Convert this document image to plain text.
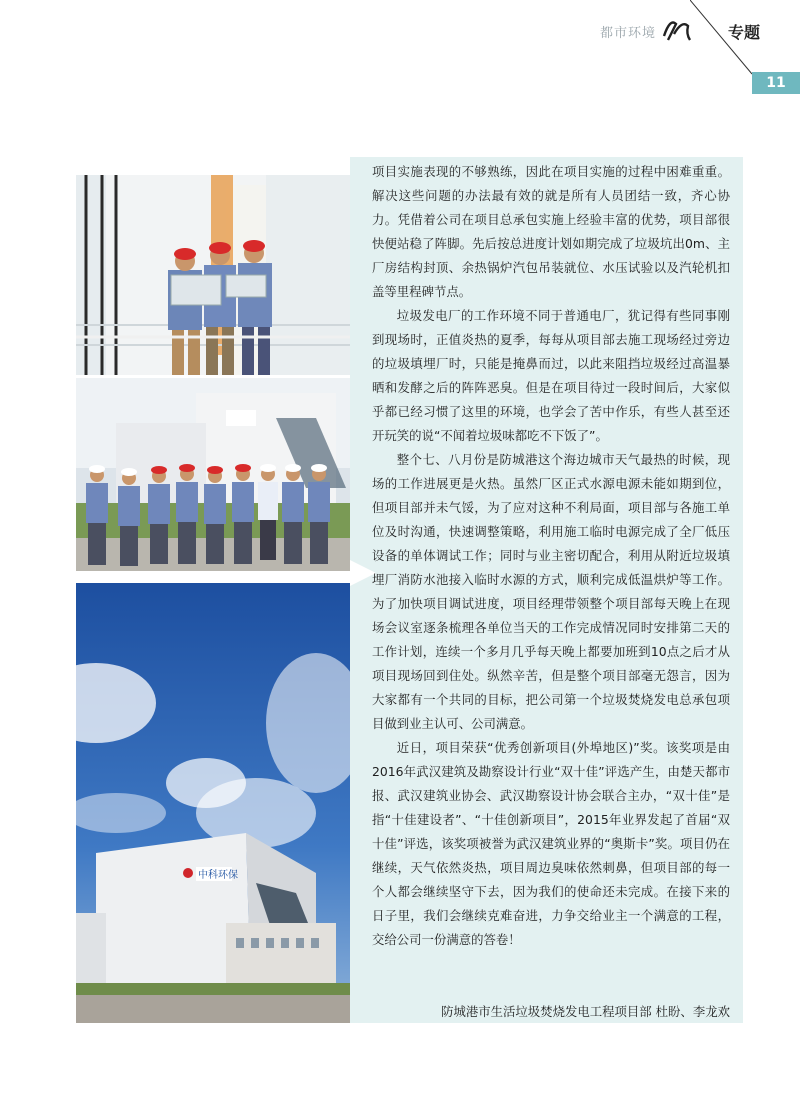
都市环境	专题
11
中科环保

项目实施表现的不够熟练，因此在项目实施的过程中困难重重。解决这些问题的办法最有效的就是所有人员团结一致，齐心协力。凭借着公司在项目总承包实施上经验丰富的优势，项目部很快便站稳了阵脚。先后按总进度计划如期完成了垃圾坑出0m、主厂房结构封顶、余热锅炉汽包吊装就位、水压试验以及汽轮机扣盖等里程碑节点。

垃圾发电厂的工作环境不同于普通电厂，犹记得有些同事刚到现场时，正值炎热的夏季，每每从项目部去施工现场经过旁边的垃圾填埋厂时，只能是掩鼻而过，以此来阻挡垃圾经过高温暴晒和发酵之后的阵阵恶臭。但是在项目待过一段时间后，大家似乎都已经习惯了这里的环境，也学会了苦中作乐，有些人甚至还开玩笑的说“不闻着垃圾味都吃不下饭了”。

整个七、八月份是防城港这个海边城市天气最热的时候，现场的工作进展更是火热。虽然厂区正式水源电源未能如期到位，但项目部并未气馁，为了应对这种不利局面，项目部与各施工单位及时沟通，快速调整策略，利用施工临时电源完成了全厂低压设备的单体调试工作；同时与业主密切配合，利用从附近垃圾填埋厂消防水池接入临时水源的方式，顺利完成低温烘炉等工作。为了加快项目调试进度，项目经理带领整个项目部每天晚上在现场会议室逐条梳理各单位当天的工作完成情况同时安排第二天的工作计划，连续一个多月几乎每天晚上都要加班到10点之后才从项目现场回到住处。纵然辛苦，但是整个项目部毫无怨言，因为大家都有一个共同的目标，把公司第一个垃圾焚烧发电总承包项目做到业主认可、公司满意。

近日，项目荣获“优秀创新项目(外埠地区)”奖。该奖项是由2016年武汉建筑及勘察设计行业“双十佳”评选产生，由楚天都市报、武汉建筑业协会、武汉勘察设计协会联合主办，“双十佳”是指“十佳建设者”、“十佳创新项目”，2015年业界发起了首届“双十佳”评选，该奖项被誉为武汉建筑业界的“奥斯卡”奖。项目仍在继续，天气依然炎热，项目周边臭味依然刺鼻，但项目部的每一个人都会继续坚守下去，因为我们的使命还未完成。在接下来的日子里，我们会继续克难奋进，力争交给业主一个满意的工程，交给公司一份满意的答卷！

防城港市生活垃圾焚烧发电工程项目部 杜盼、李龙欢
